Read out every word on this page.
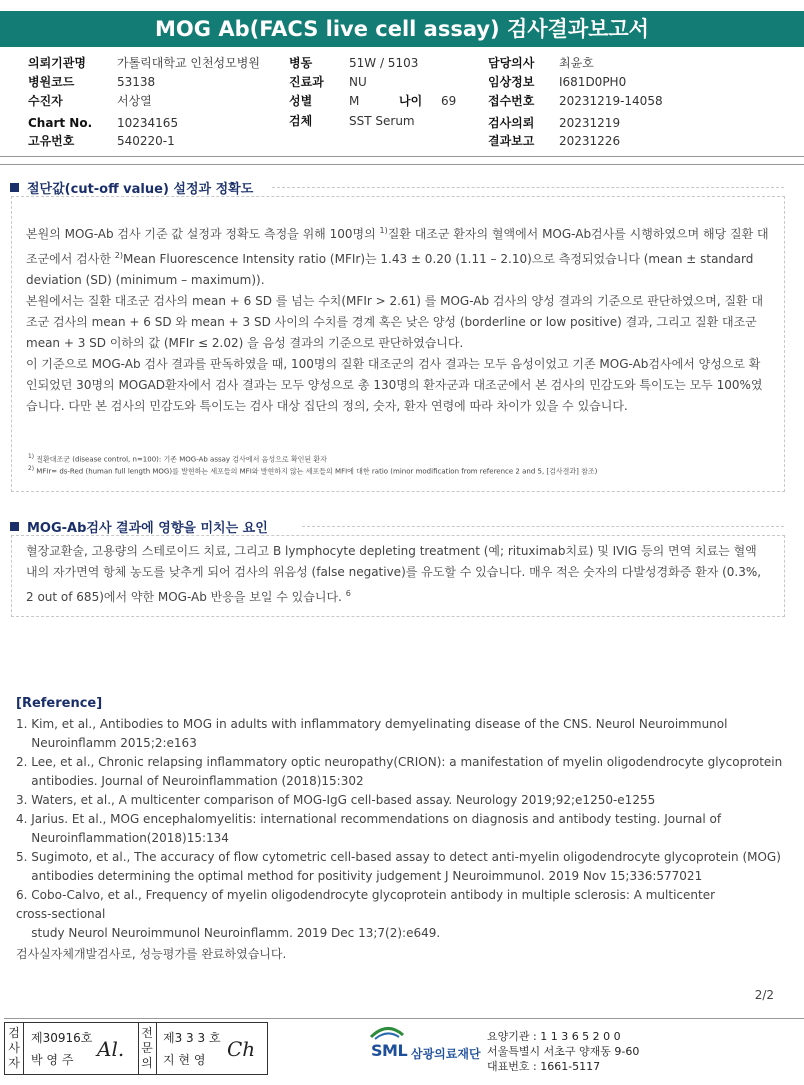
MOG Ab(FACS live cell assay) 검사결과보고서
의뢰기관명	가톨릭대학교 인천성모병원
병원코드	53138
수진자	서상열
Chart No. 10234165
고유번호	540220-1
병동	51W / 5103
진료과 NU
성별	M	나이 69
검체	SST Serum
담당의사 최윤호
임상정보 I681D0PH0
접수번호 20231219-14058
검사의뢰 20231219
결과보고 20231226
절단값(cut-off value) 설정과 정확도

본원의 MOG-Ab 검사 기준 값 설정과 정확도 측정을 위해 100명의 $^{1)}$질환 대조군 환자의 혈액에서 MOG-Ab검사를 시행하였으며 해당 질환 대조군에서 검사한 $^{2)}$Mean Fluorescence Intensity ratio (MFIr)는 1.43 ± 0.20 (1.11 – 2.10)으로 측정되었습니다 (mean ± standard deviation (SD) (minimum – maximum)).

본원에서는 질환 대조군 검사의 mean + 6 SD 를 넘는 수치(MFIr > 2.61) 를 MOG-Ab 검사의 양성 결과의 기준으로 판단하였으며, 질환 대조군 검사의 mean + 6 SD 와 mean + 3 SD 사이의 수치를 경계 혹은 낮은 양성 (borderline or low positive) 결과, 그리고 질환 대조군 mean + 3 SD 이하의 값 (MFIr ≤ 2.02) 을 음성 결과의 기준으로 판단하였습니다.

이 기준으로 MOG-Ab 검사 결과를 판독하였을 때, 100명의 질환 대조군의 검사 결과는 모두 음성이었고 기존 MOG-Ab검사에서 양성으로 확인되었던 30명의 MOGAD환자에서 검사 결과는 모두 양성으로 총 130명의 환자군과 대조군에서 본 검사의 민감도와 특이도는 모두 100%였습니다. 다만 본 검사의 민감도와 특이도는 검사 대상 집단의 정의, 숫자, 환자 연령에 따라 차이가 있을 수 있습니다.

$^{1)}$ 질환대조군 (disease control, n=100): 기존 MOG-Ab assay 검사에서 음성으로 확인된 환자
$^{2)}$ MFIr= ds-Red (human full length MOG)를 발현하는 세포들의 MFI와 발현하지 않는 세포들의 MFI에 대한 ratio (minor modification from reference 2 and 5, [검사결과] 참조)
MOG-Ab검사 결과에 영향을 미치는 요인

혈장교환술, 고용량의 스테로이드 치료, 그리고 B lymphocyte depleting treatment (예; rituximab치료) 및 IVIG 등의 면역 치료는 혈액 내의 자가면역 항체 농도를 낮추게 되어 검사의 위음성 (false negative)를 유도할 수 있습니다. 매우 적은 숫자의 다발성경화증 환자 (0.3%, 2 out of 685)에서 약한 MOG-Ab 반응을 보일 수 있습니다. $^6$

[Reference]
1. Kim, et al., Antibodies to MOG in adults with inflammatory demyelinating disease of the CNS. Neurol Neuroimmunol
Neuroinflamm 2015;2:e163
2. Lee, et al., Chronic relapsing inflammatory optic neuropathy(CRION): a manifestation of myelin oligodendrocyte glycoprotein
antibodies. Journal of Neuroinflammation (2018)15:302
3. Waters, et al., A multicenter comparison of MOG-IgG cell-based assay. Neurology 2019;92;e1250-e1255
4. Jarius. Et al., MOG encephalomyelitis: international recommendations on diagnosis and antibody testing. Journal of
Neuroinflammation(2018)15:134
5. Sugimoto, et al., The accuracy of flow cytometric cell-based assay to detect anti-myelin oligodendrocyte glycoprotein (MOG)
antibodies determining the optimal method for positivity judgement J Neuroimmunol. 2019 Nov 15;336:577021
6. Cobo-Calvo, et al., Frequency of myelin oligodendrocyte glycoprotein antibody in multiple sclerosis: A multicenter
cross-sectional
study Neurol Neuroimmunol Neuroinflamm. 2019 Dec 13;7(2):e649.
검사실자체개발검사로, 성능평가를 완료하였습니다.
2/2
검
사
자
제30916호
박 영 주 Al.
전
문
의
제3 3 3 호
지 현 영 Ch	SML 삼광의료재단
요양기관 : 1 1 3 6 5 2 0 0
서울특별시 서초구 양재동 9-60
대표번호 : 1661-5117
